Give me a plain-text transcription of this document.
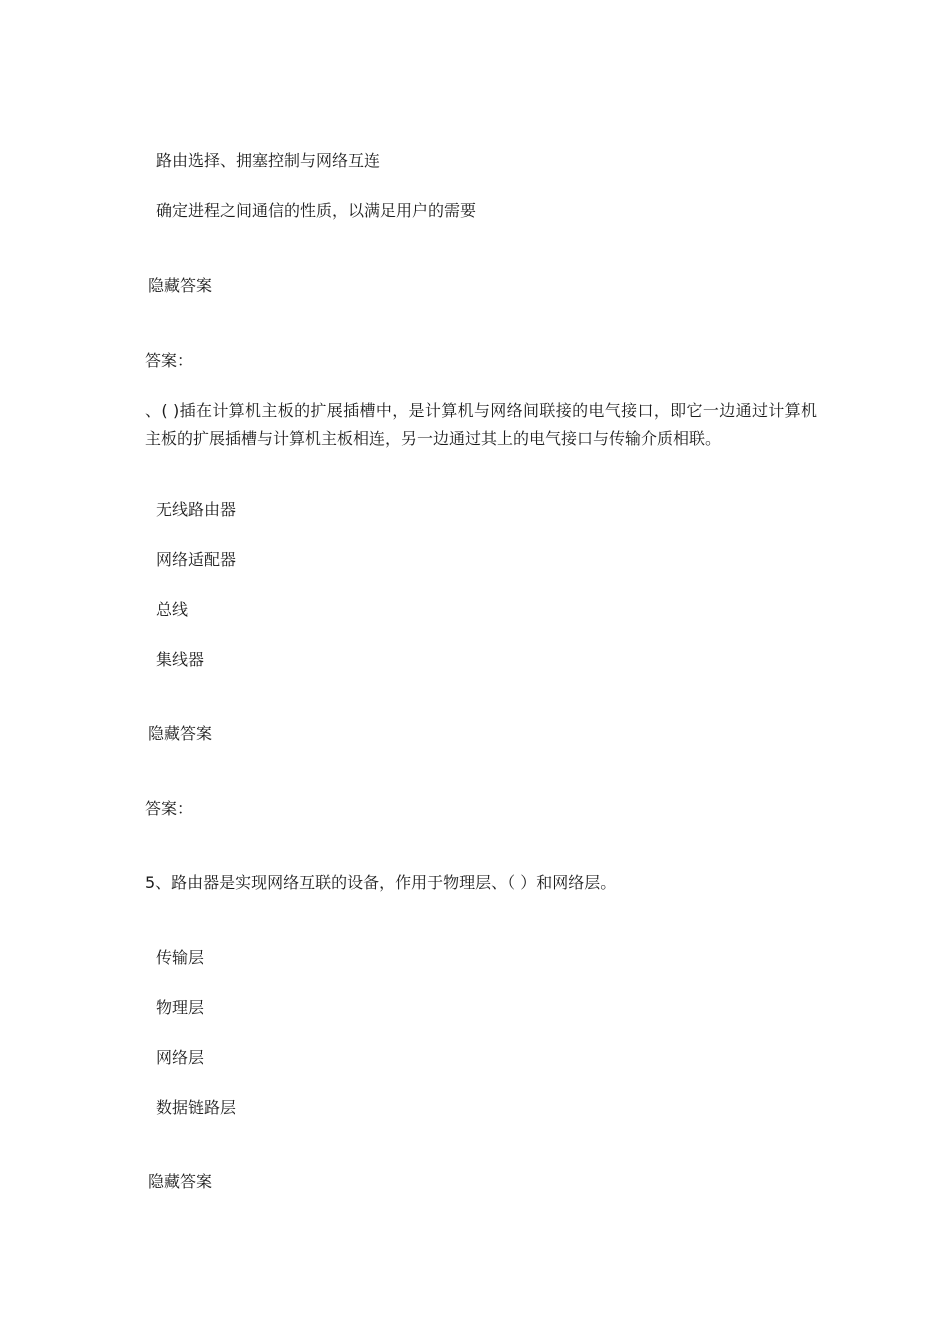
路由选择、拥塞控制与网络互连
确定进程之间通信的性质，以满足用户的需要
隐藏答案
答案：
、( )插在计算机主板的扩展插槽中，是计算机与网络间联接的电气接口，即它一边通过计算机主板的扩展插槽与计算机主板相连，另一边通过其上的电气接口与传输介质相联。
无线路由器
网络适配器
总线
集线器
隐藏答案
答案：
5、路由器是实现网络互联的设备，作用于物理层、（ ）和网络层。
传输层
物理层
网络层
数据链路层
隐藏答案
